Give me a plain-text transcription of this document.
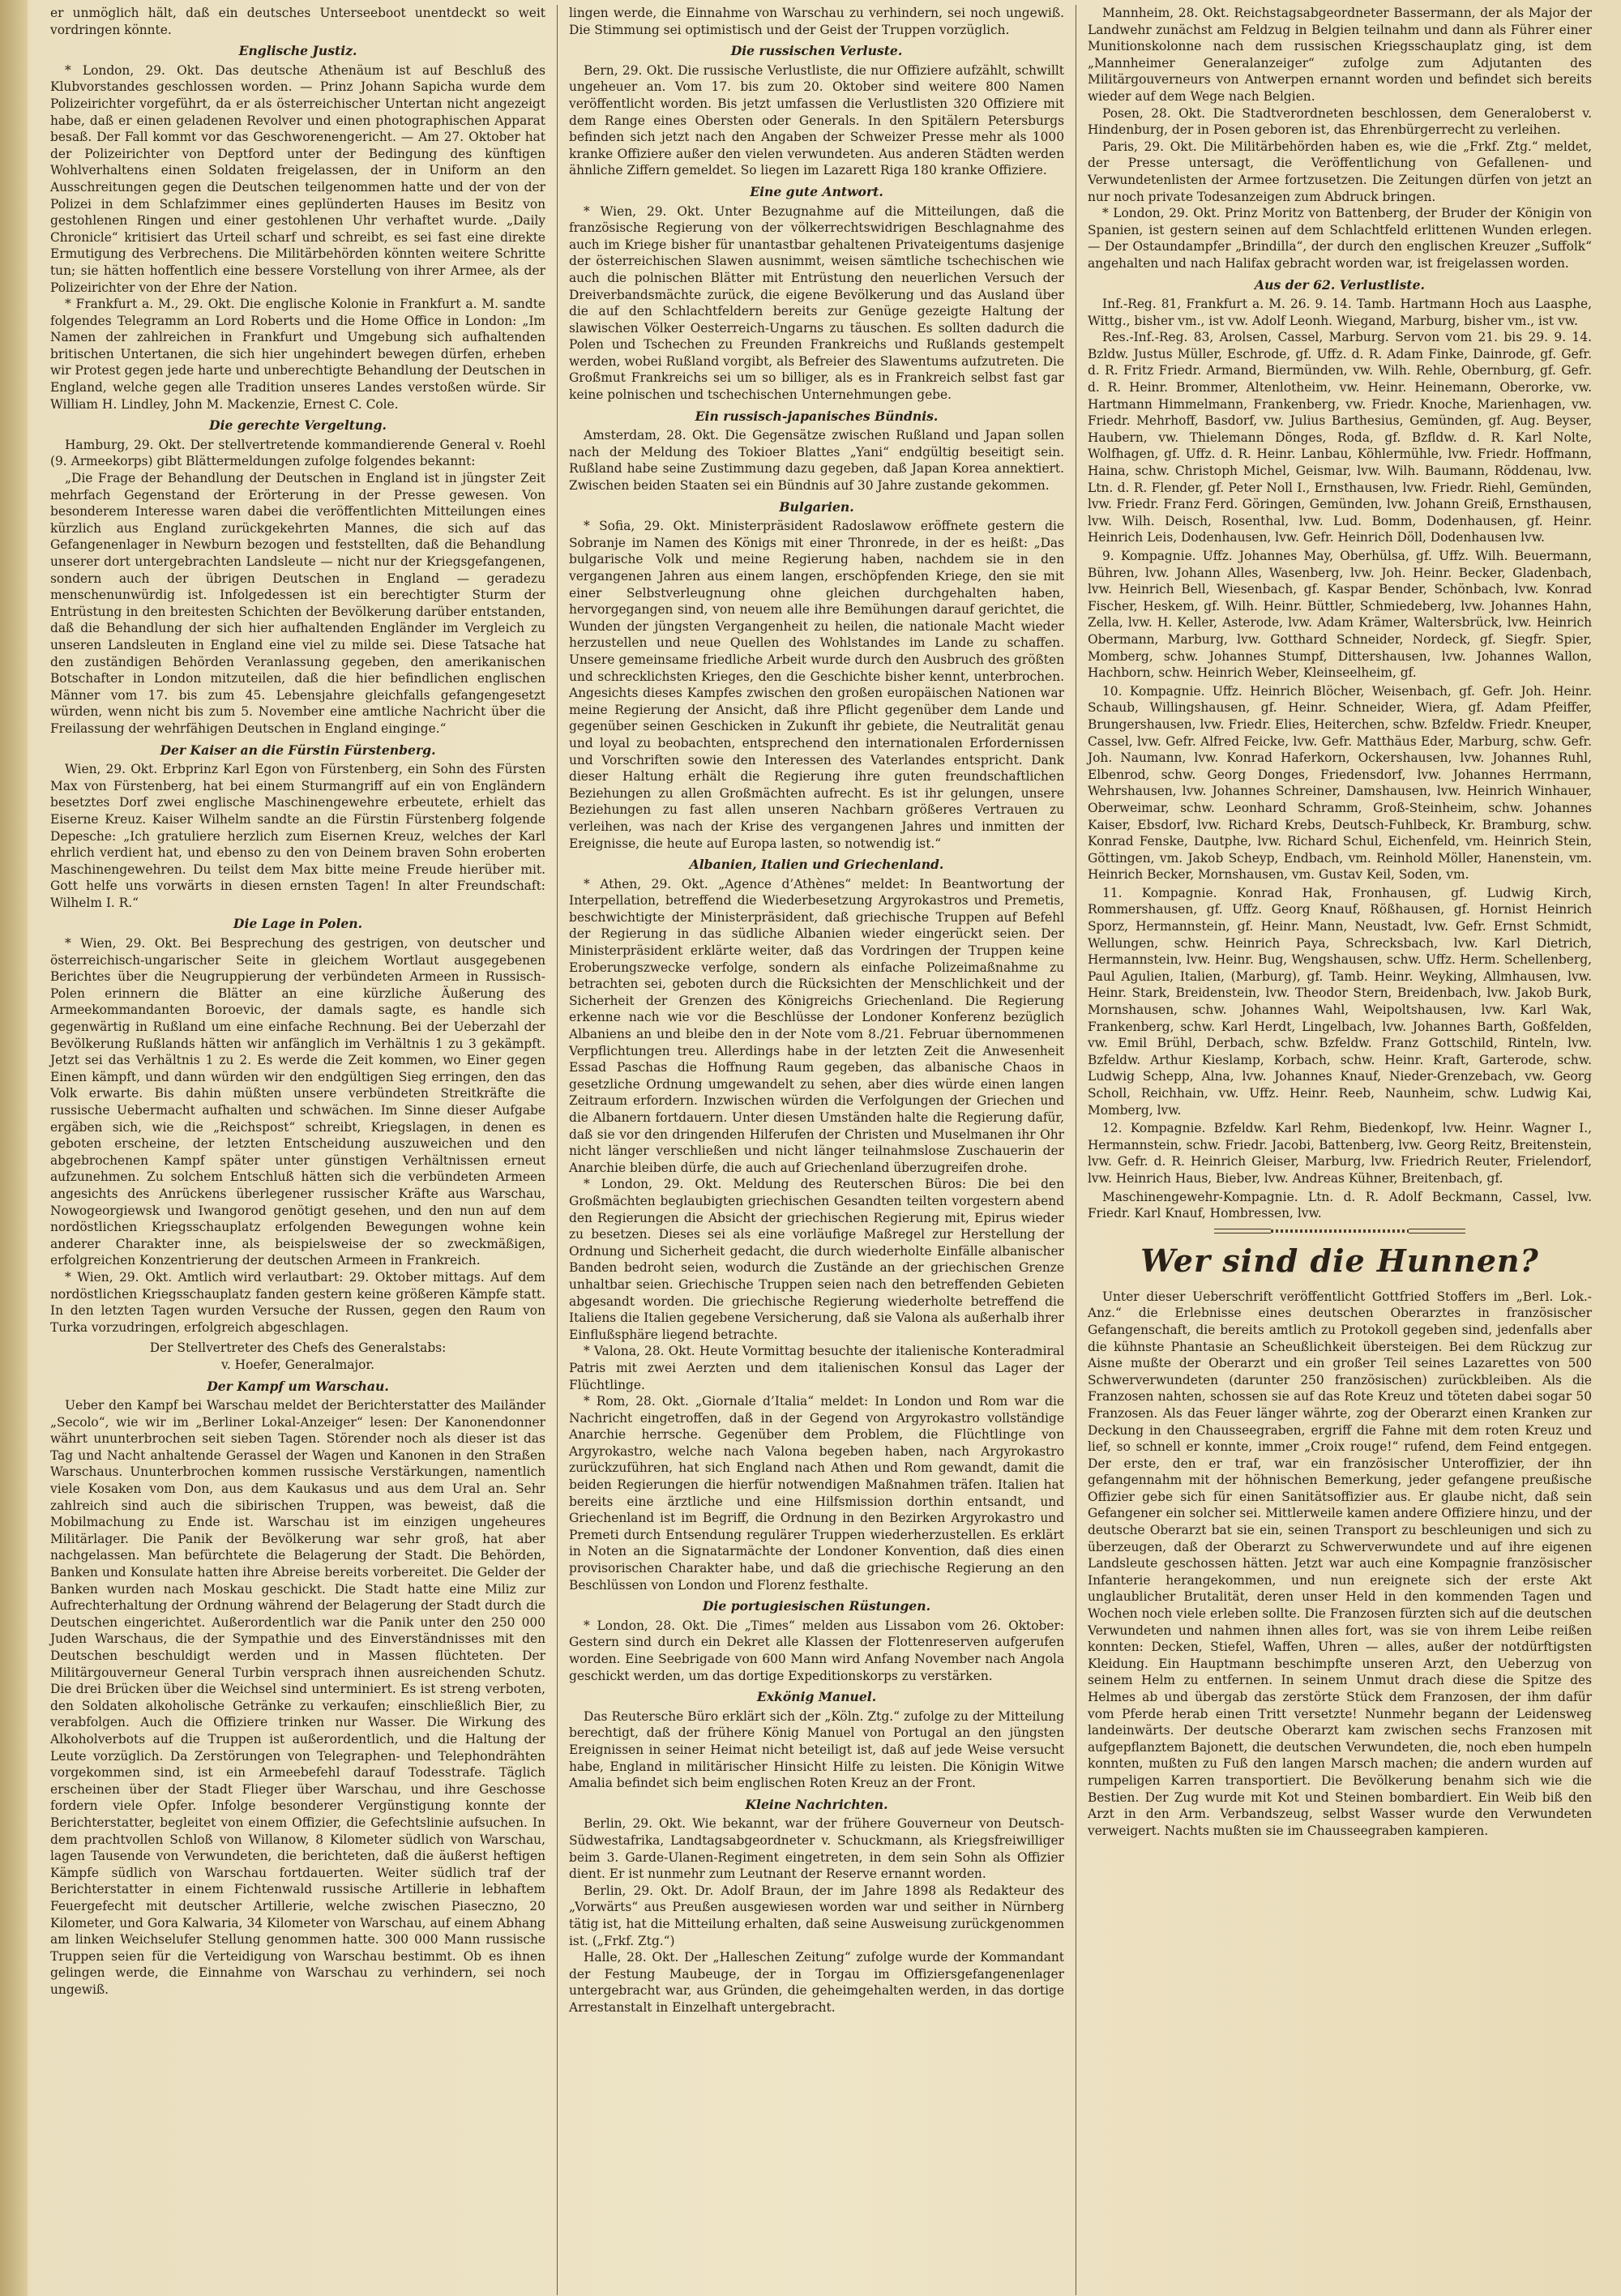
er unmöglich hält, daß ein deutsches Unterseeboot unentdeckt so weit vordringen könnte.

Englische Justiz.

* London, 29. Okt. Das deutsche Athenäum ist auf Beschluß des Klubvorstandes geschlossen worden. — Prinz Johann Sapicha wurde dem Polizeirichter vorgeführt, da er als österreichischer Untertan nicht angezeigt habe, daß er einen geladenen Revolver und einen photographischen Apparat besaß. Der Fall kommt vor das Geschworenengericht. — Am 27. Oktober hat der Polizeirichter von Deptford unter der Bedingung des künftigen Wohlverhaltens einen Soldaten freigelassen, der in Uniform an den Ausschreitungen gegen die Deutschen teilgenommen hatte und der von der Polizei in dem Schlafzimmer eines geplünderten Hauses im Besitz von gestohlenen Ringen und einer gestohlenen Uhr verhaftet wurde. „Daily Chronicle“ kritisiert das Urteil scharf und schreibt, es sei fast eine direkte Ermutigung des Verbrechens. Die Militärbehörden könnten weitere Schritte tun; sie hätten hoffentlich eine bessere Vorstellung von ihrer Armee, als der Polizeirichter von der Ehre der Nation.

* Frankfurt a. M., 29. Okt. Die englische Kolonie in Frankfurt a. M. sandte folgendes Telegramm an Lord Roberts und die Home Office in London: „Im Namen der zahlreichen in Frankfurt und Umgebung sich aufhaltenden britischen Untertanen, die sich hier ungehindert bewegen dürfen, erheben wir Protest gegen jede harte und unberechtigte Behandlung der Deutschen in England, welche gegen alle Tradition unseres Landes verstoßen würde. Sir William H. Lindley, John M. Mackenzie, Ernest C. Cole.

Die gerechte Vergeltung.

Hamburg, 29. Okt. Der stellvertretende kommandierende General v. Roehl (9. Armeekorps) gibt Blättermeldungen zufolge folgendes bekannt:

„Die Frage der Behandlung der Deutschen in England ist in jüngster Zeit mehrfach Gegenstand der Erörterung in der Presse gewesen. Von besonderem Interesse waren dabei die veröffentlichten Mitteilungen eines kürzlich aus England zurückgekehrten Mannes, die sich auf das Gefangenenlager in Newburn bezogen und feststellten, daß die Behandlung unserer dort untergebrachten Landsleute — nicht nur der Kriegsgefangenen, sondern auch der übrigen Deutschen in England — geradezu menschenunwürdig ist. Infolgedessen ist ein berechtigter Sturm der Entrüstung in den breitesten Schichten der Bevölkerung darüber entstanden, daß die Behandlung der sich hier aufhaltenden Engländer im Vergleich zu unseren Landsleuten in England eine viel zu milde sei. Diese Tatsache hat den zuständigen Behörden Veranlassung gegeben, den amerikanischen Botschafter in London mitzuteilen, daß die hier befindlichen englischen Männer vom 17. bis zum 45. Lebensjahre gleichfalls gefangengesetzt würden, wenn nicht bis zum 5. November eine amtliche Nachricht über die Freilassung der wehrfähigen Deutschen in England eingingе.“

Der Kaiser an die Fürstin Fürstenberg.

Wien, 29. Okt. Erbprinz Karl Egon von Fürstenberg, ein Sohn des Fürsten Max von Fürstenberg, hat bei einem Sturmangriff auf ein von Engländern besetztes Dorf zwei englische Maschinengewehre erbeutete, erhielt das Eiserne Kreuz. Kaiser Wilhelm sandte an die Fürstin Fürstenberg folgende Depesche: „Ich gratuliere herzlich zum Eisernen Kreuz, welches der Karl ehrlich verdient hat, und ebenso zu den von Deinem braven Sohn eroberten Maschinengewehren. Du teilst dem Max bitte meine Freude hierüber mit. Gott helfe uns vorwärts in diesen ernsten Tagen! In alter Freundschaft: Wilhelm I. R.“

Die Lage in Polen.

* Wien, 29. Okt. Bei Besprechung des gestrigen, von deutscher und österreichisch-ungarischer Seite in gleichem Wortlaut ausgegebenen Berichtes über die Neugruppierung der verbündeten Armeen in Russisch-Polen erinnern die Blätter an eine kürzliche Äußerung des Armeekommandanten Boroevic, der damals sagte, es handle sich gegenwärtig in Rußland um eine einfache Rechnung. Bei der Ueberzahl der Bevölkerung Rußlands hätten wir anfänglich im Verhältnis 1 zu 3 gekämpft. Jetzt sei das Verhältnis 1 zu 2. Es werde die Zeit kommen, wo Einer gegen Einen kämpft, und dann würden wir den endgültigen Sieg erringen, den das Volk erwarte. Bis dahin müßten unsere verbündeten Streitkräfte die russische Uebermacht aufhalten und schwächen. Im Sinne dieser Aufgabe ergäben sich, wie die „Reichspost“ schreibt, Kriegslagen, in denen es geboten erscheine, der letzten Entscheidung auszuweichen und den abgebrochenen Kampf später unter günstigen Verhältnissen erneut aufzunehmen. Zu solchem Entschluß hätten sich die verbündeten Armeen angesichts des Anrückens überlegener russischer Kräfte aus Warschau, Nowogeorgiewsk und Iwangorod genötigt gesehen, und den nun auf dem nordöstlichen Kriegsschauplatz erfolgenden Bewegungen wohne kein anderer Charakter inne, als beispielsweise der so zweckmäßigen, erfolgreichen Konzentrierung der deutschen Armeen in Frankreich.

* Wien, 29. Okt. Amtlich wird verlautbart: 29. Oktober mittags. Auf dem nordöstlichen Kriegsschauplatz fanden gestern keine größeren Kämpfe statt. In den letzten Tagen wurden Versuche der Russen, gegen den Raum von Turka vorzudringen, erfolgreich abgeschlagen.

Der Stellvertreter des Chefs des Generalstabs:
v. Hoefer, Generalmajor.
Der Kampf um Warschau.

Ueber den Kampf bei Warschau meldet der Berichterstatter des Mailänder „Secolo“, wie wir im „Berliner Lokal-Anzeiger“ lesen: Der Kanonendonner währt ununterbrochen seit sieben Tagen. Störender noch als dieser ist das Tag und Nacht anhaltende Gerassel der Wagen und Kanonen in den Straßen Warschaus. Ununterbrochen kommen russische Verstärkungen, namentlich viele Kosaken vom Don, aus dem Kaukasus und aus dem Ural an. Sehr zahlreich sind auch die sibirischen Truppen, was beweist, daß die Mobilmachung zu Ende ist. Warschau ist im einzigen ungeheures Militärlager. Die Panik der Bevölkerung war sehr groß, hat aber nachgelassen. Man befürchtete die Belagerung der Stadt. Die Behörden, Banken und Konsulate hatten ihre Abreise bereits vorbereitet. Die Gelder der Banken wurden nach Moskau geschickt. Die Stadt hatte eine Miliz zur Aufrechterhaltung der Ordnung während der Belagerung der Stadt durch die Deutschen eingerichtet. Außerordentlich war die Panik unter den 250 000 Juden Warschaus, die der Sympathie und des Einverständnisses mit den Deutschen beschuldigt werden und in Massen flüchteten. Der Militärgouverneur General Turbin versprach ihnen ausreichenden Schutz. Die drei Brücken über die Weichsel sind unterminiert. Es ist streng verboten, den Soldaten alkoholische Getränke zu verkaufen; einschließlich Bier, zu verabfolgen. Auch die Offiziere trinken nur Wasser. Die Wirkung des Alkoholverbots auf die Truppen ist außerordentlich, und die Haltung der Leute vorzüglich. Da Zerstörungen von Telegraphen- und Telephondrähten vorgekommen sind, ist ein Armeebefehl darauf Todesstrafe. Täglich erscheinen über der Stadt Flieger über Warschau, und ihre Geschosse fordern viele Opfer. Infolge besonderer Vergünstigung konnte der Berichterstatter, begleitet von einem Offizier, die Gefechtslinie aufsuchen. In dem prachtvollen Schloß von Willanow, 8 Kilometer südlich von Warschau, lagen Tausende von Verwundeten, die berichteten, daß die äußerst heftigen Kämpfe südlich von Warschau fortdauerten. Weiter südlich traf der Berichterstatter in einem Fichtenwald russische Artillerie in lebhaftem Feuergefecht mit deutscher Artillerie, welche zwischen Piaseczno, 20 Kilometer, und Gora Kalwaria, 34 Kilometer von Warschau, auf einem Abhang am linken Weichselufer Stellung genommen hatte. 300 000 Mann russische Truppen seien für die Verteidigung von Warschau bestimmt. Ob es ihnen gelingen werde, die Einnahme von Warschau zu verhindern, sei noch ungewiß.

lingen werde, die Einnahme von Warschau zu verhindern, sei noch ungewiß. Die Stimmung sei optimistisch und der Geist der Truppen vorzüglich.

Die russischen Verluste.

Bern, 29. Okt. Die russische Verlustliste, die nur Offiziere aufzählt, schwillt ungeheuer an. Vom 17. bis zum 20. Oktober sind weitere 800 Namen veröffentlicht worden. Bis jetzt umfassen die Verlustlisten 320 Offiziere mit dem Range eines Obersten oder Generals. In den Spitälern Petersburgs befinden sich jetzt nach den Angaben der Schweizer Presse mehr als 1000 kranke Offiziere außer den vielen verwundeten. Aus anderen Städten werden ähnliche Ziffern gemeldet. So liegen im Lazarett Riga 180 kranke Offiziere.

Eine gute Antwort.

* Wien, 29. Okt. Unter Bezugnahme auf die Mitteilungen, daß die französische Regierung von der völkerrechtswidrigen Beschlagnahme des auch im Kriege bisher für unantastbar gehaltenen Privateigentums dasjenige der österreichischen Slawen ausnimmt, weisen sämtliche tschechischen wie auch die polnischen Blätter mit Entrüstung den neuerlichen Versuch der Dreiverbandsmächte zurück, die eigene Bevölkerung und das Ausland über die auf den Schlachtfeldern bereits zur Genüge gezeigte Haltung der slawischen Völker Oesterreich-Ungarns zu täuschen. Es sollten dadurch die Polen und Tschechen zu Freunden Frankreichs und Rußlands gestempelt werden, wobei Rußland vorgibt, als Befreier des Slawentums aufzutreten. Die Großmut Frankreichs sei um so billiger, als es in Frankreich selbst fast gar keine polnischen und tschechischen Unternehmungen gebe.

Ein russisch-japanisches Bündnis.

Amsterdam, 28. Okt. Die Gegensätze zwischen Rußland und Japan sollen nach der Meldung des Tokioer Blattes „Yani“ endgültig beseitigt sein. Rußland habe seine Zustimmung dazu gegeben, daß Japan Korea annektiert. Zwischen beiden Staaten sei ein Bündnis auf 30 Jahre zustande gekommen.

Bulgarien.

* Sofia, 29. Okt. Ministerpräsident Radoslawow eröffnete gestern die Sobranje im Namen des Königs mit einer Thronrede, in der es heißt: „Das bulgarische Volk und meine Regierung haben, nachdem sie in den vergangenen Jahren aus einem langen, erschöpfenden Kriege, den sie mit einer Selbstverleugnung ohne gleichen durchgehalten haben, hervorgegangen sind, von neuem alle ihre Bemühungen darauf gerichtet, die Wunden der jüngsten Vergangenheit zu heilen, die nationale Macht wieder herzustellen und neue Quellen des Wohlstandes im Lande zu schaffen. Unsere gemeinsame friedliche Arbeit wurde durch den Ausbruch des größten und schrecklichsten Krieges, den die Geschichte bisher kennt, unterbrochen. Angesichts dieses Kampfes zwischen den großen europäischen Nationen war meine Regierung der Ansicht, daß ihre Pflicht gegenüber dem Lande und gegenüber seinen Geschicken in Zukunft ihr gebiete, die Neutralität genau und loyal zu beobachten, entsprechend den internationalen Erfordernissen und Vorschriften sowie den Interessen des Vaterlandes entspricht. Dank dieser Haltung erhält die Regierung ihre guten freundschaftlichen Beziehungen zu allen Großmächten aufrecht. Es ist ihr gelungen, unsere Beziehungen zu fast allen unseren Nachbarn größeres Vertrauen zu verleihen, was nach der Krise des vergangenen Jahres und inmitten der Ereignisse, die heute auf Europa lasten, so notwendig ist.“

Albanien, Italien und Griechenland.

* Athen, 29. Okt. „Agence d’Athènes“ meldet: In Beantwortung der Interpellation, betreffend die Wiederbesetzung Argyrokastros und Premetis, beschwichtigte der Ministerpräsident, daß griechische Truppen auf Befehl der Regierung in das südliche Albanien wieder eingerückt seien. Der Ministerpräsident erklärte weiter, daß das Vordringen der Truppen keine Eroberungszwecke verfolge, sondern als einfache Polizeimaßnahme zu betrachten sei, geboten durch die Rücksichten der Menschlichkeit und der Sicherheit der Grenzen des Königreichs Griechenland. Die Regierung erkenne nach wie vor die Beschlüsse der Londoner Konferenz bezüglich Albaniens an und bleibe den in der Note vom 8./21. Februar übernommenen Verpflichtungen treu. Allerdings habe in der letzten Zeit die Anwesenheit Essad Paschas die Hoffnung Raum gegeben, das albanische Chaos in gesetzliche Ordnung umgewandelt zu sehen, aber dies würde einen langen Zeitraum erfordern. Inzwischen würden die Verfolgungen der Griechen und die Albanern fortdauern. Unter diesen Umständen halte die Regierung dafür, daß sie vor den dringenden Hilferufen der Christen und Muselmanen ihr Ohr nicht länger verschließen und nicht länger teilnahmslose Zuschauerin der Anarchie bleiben dürfe, die auch auf Griechenland überzugreifen drohe.

* London, 29. Okt. Meldung des Reuterschen Büros: Die bei den Großmächten beglaubigten griechischen Gesandten teilten vorgestern abend den Regierungen die Absicht der griechischen Regierung mit, Epirus wieder zu besetzen. Dieses sei als eine vorläufige Maßregel zur Herstellung der Ordnung und Sicherheit gedacht, die durch wiederholte Einfälle albanischer Banden bedroht seien, wodurch die Zustände an der griechischen Grenze unhaltbar seien. Griechische Truppen seien nach den betreffenden Gebieten abgesandt worden. Die griechische Regierung wiederholte betreffend die Italiens die Italien gegebene Versicherung, daß sie Valona als außerhalb ihrer Einflußsphäre liegend betrachte.

* Valona, 28. Okt. Heute Vormittag besuchte der italienische Konteradmiral Patris mit zwei Aerzten und dem italienischen Konsul das Lager der Flüchtlinge.

* Rom, 28. Okt. „Giornale d’Italia“ meldet: In London und Rom war die Nachricht eingetroffen, daß in der Gegend von Argyrokastro vollständige Anarchie herrsche. Gegenüber dem Problem, die Flüchtlinge von Argyrokastro, welche nach Valona begeben haben, nach Argyrokastro zurückzuführen, hat sich England nach Athen und Rom gewandt, damit die beiden Regierungen die hierfür notwendigen Maßnahmen träfen. Italien hat bereits eine ärztliche und eine Hilfsmission dorthin entsandt, und Griechenland ist im Begriff, die Ordnung in den Bezirken Argyrokastro und Premeti durch Entsendung regulärer Truppen wiederherzustellen. Es erklärt in Noten an die Signatarmächte der Londoner Konvention, daß dies einen provisorischen Charakter habe, und daß die griechische Regierung an den Beschlüssen von London und Florenz festhalte.

Die portugiesischen Rüstungen.

* London, 28. Okt. Die „Times“ melden aus Lissabon vom 26. Oktober: Gestern sind durch ein Dekret alle Klassen der Flottenreserven aufgerufen worden. Eine Seebrigade von 600 Mann wird Anfang November nach Angola geschickt werden, um das dortige Expeditionskorps zu verstärken.

Exkönig Manuel.

Das Reutersche Büro erklärt sich der „Köln. Ztg.“ zufolge zu der Mitteilung berechtigt, daß der frühere König Manuel von Portugal an den jüngsten Ereignissen in seiner Heimat nicht beteiligt ist, daß auf jede Weise versucht habe, England in militärischer Hinsicht Hilfe zu leisten. Die Königin Witwe Amalia befindet sich beim englischen Roten Kreuz an der Front.

Kleine Nachrichten.

Berlin, 29. Okt. Wie bekannt, war der frühere Gouverneur von Deutsch-Südwestafrika, Landtagsabgeordneter v. Schuckmann, als Kriegsfreiwilliger beim 3. Garde-Ulanen-Regiment eingetreten, in dem sein Sohn als Offizier dient. Er ist nunmehr zum Leutnant der Reserve ernannt worden.

Berlin, 29. Okt. Dr. Adolf Braun, der im Jahre 1898 als Redakteur des „Vorwärts“ aus Preußen ausgewiesen worden war und seither in Nürnberg tätig ist, hat die Mitteilung erhalten, daß seine Ausweisung zurückgenommen ist. („Frkf. Ztg.“)

Halle, 28. Okt. Der „Halleschen Zeitung“ zufolge wurde der Kommandant der Festung Maubeuge, der in Torgau im Offiziersgefangenenlager untergebracht war, aus Gründen, die geheimgehalten werden, in das dortige Arrestanstalt in Einzelhaft untergebracht.

Mannheim, 28. Okt. Reichstagsabgeordneter Bassermann, der als Major der Landwehr zunächst am Feldzug in Belgien teilnahm und dann als Führer einer Munitionskolonne nach dem russischen Kriegsschauplatz ging, ist dem „Mannheimer Generalanzeiger“ zufolge zum Adjutanten des Militärgouverneurs von Antwerpen ernannt worden und befindet sich bereits wieder auf dem Wege nach Belgien.

Posen, 28. Okt. Die Stadtverordneten beschlossen, dem Generaloberst v. Hindenburg, der in Posen geboren ist, das Ehrenbürgerrecht zu verleihen.

Paris, 29. Okt. Die Militärbehörden haben es, wie die „Frkf. Ztg.“ meldet, der Presse untersagt, die Veröffentlichung von Gefallenen- und Verwundetenlisten der Armee fortzusetzen. Die Zeitungen dürfen von jetzt an nur noch private Todesanzeigen zum Abdruck bringen.

* London, 29. Okt. Prinz Moritz von Battenberg, der Bruder der Königin von Spanien, ist gestern seinen auf dem Schlachtfeld erlittenen Wunden erlegen. — Der Ostaundampfer „Brindilla“, der durch den englischen Kreuzer „Suffolk“ angehalten und nach Halifax gebracht worden war, ist freigelassen worden.

Aus der 62. Verlustliste.

Inf.-Reg. 81, Frankfurt a. M. 26. 9. 14. Tamb. Hartmann Hoch aus Laasphe, Wittg., bisher vm., ist vw. Adolf Leonh. Wiegand, Marburg, bisher vm., ist vw.

Res.-Inf.-Reg. 83, Arolsen, Cassel, Marburg. Servon vom 21. bis 29. 9. 14. Bzldw. Justus Müller, Eschrode, gf. Uffz. d. R. Adam Finke, Dainrode, gf. Gefr. d. R. Fritz Friedr. Armand, Biermünden, vw. Wilh. Rehle, Obernburg, gf. Gefr. d. R. Heinr. Brommer, Altenlotheim, vw. Heinr. Heinemann, Oberorke, vw. Hartmann Himmelmann, Frankenberg, vw. Friedr. Knoche, Marienhagen, vw. Friedr. Mehrhoff, Basdorf, vw. Julius Barthesius, Gemünden, gf. Aug. Beyser, Haubern, vw. Thielemann Dönges, Roda, gf. Bzfldw. d. R. Karl Nolte, Wolfhagen, gf. Uffz. d. R. Heinr. Lanbau, Köhlermühle, lvw. Friedr. Hoffmann, Haina, schw. Christoph Michel, Geismar, lvw. Wilh. Baumann, Röddenau, lvw. Ltn. d. R. Flender, gf. Peter Noll I., Ernsthausen, lvw. Friedr. Riehl, Gemünden, lvw. Friedr. Franz Ferd. Göringen, Gemünden, lvw. Johann Greiß, Ernsthausen, lvw. Wilh. Deisch, Rosenthal, lvw. Lud. Bomm, Dodenhausen, gf. Heinr. Heinrich Leis, Dodenhausen, lvw. Gefr. Heinrich Döll, Dodenhausen lvw.

9. Kompagnie. Uffz. Johannes May, Oberhülsa, gf. Uffz. Wilh. Beuermann, Bühren, lvw. Johann Alles, Wasenberg, lvw. Joh. Heinr. Becker, Gladenbach, lvw. Heinrich Bell, Wiesenbach, gf. Kaspar Bender, Schönbach, lvw. Konrad Fischer, Heskem, gf. Wilh. Heinr. Büttler, Schmiedeberg, lvw. Johannes Hahn, Zella, lvw. H. Keller, Asterode, lvw. Adam Krämer, Waltersbrück, lvw. Heinrich Obermann, Marburg, lvw. Gotthard Schneider, Nordeck, gf. Siegfr. Spier, Momberg, schw. Johannes Stumpf, Dittershausen, lvw. Johannes Wallon, Hachborn, schw. Heinrich Weber, Kleinseelheim, gf.

10. Kompagnie. Uffz. Heinrich Blöcher, Weisenbach, gf. Gefr. Joh. Heinr. Schaub, Willingshausen, gf. Heinr. Schneider, Wiera, gf. Adam Pfeiffer, Brungershausen, lvw. Friedr. Elies, Heiterchen, schw. Bzfeldw. Friedr. Kneuper, Cassel, lvw. Gefr. Alfred Feicke, lvw. Gefr. Matthäus Eder, Marburg, schw. Gefr. Joh. Naumann, lvw. Konrad Haferkorn, Ockershausen, lvw. Johannes Ruhl, Elbenrod, schw. Georg Donges, Friedensdorf, lvw. Johannes Herrmann, Wehrshausen, lvw. Johannes Schreiner, Damshausen, lvw. Heinrich Winhauer, Oberweimar, schw. Leonhard Schramm, Groß-Steinheim, schw. Johannes Kaiser, Ebsdorf, lvw. Richard Krebs, Deutsch-Fuhlbeck, Kr. Bramburg, schw. Konrad Fenske, Dautphe, lvw. Richard Schul, Eichenfeld, vm. Heinrich Stein, Göttingen, vm. Jakob Scheyp, Endbach, vm. Reinhold Möller, Hanenstein, vm. Heinrich Becker, Mornshausen, vm. Gustav Keil, Soden, vm.

11. Kompagnie. Konrad Hak, Fronhausen, gf. Ludwig Kirch, Rommershausen, gf. Uffz. Georg Knauf, Rößhausen, gf. Hornist Heinrich Sporz, Hermannstein, gf. Heinr. Mann, Neustadt, lvw. Gefr. Ernst Schmidt, Wellungen, schw. Heinrich Paya, Schrecksbach, lvw. Karl Dietrich, Hermannstein, lvw. Heinr. Bug, Wengshausen, schw. Uffz. Herm. Schellenberg, Paul Agulien, Italien, (Marburg), gf. Tamb. Heinr. Weyking, Allmhausen, lvw. Heinr. Stark, Breidenstein, lvw. Theodor Stern, Breidenbach, lvw. Jakob Burk, Mornshausen, schw. Johannes Wahl, Weipoltshausen, lvw. Karl Wak, Frankenberg, schw. Karl Herdt, Lingelbach, lvw. Johannes Barth, Goßfelden, vw. Emil Brühl, Derbach, schw. Bzfeldw. Franz Gottschild, Rinteln, lvw. Bzfeldw. Arthur Kieslamp, Korbach, schw. Heinr. Kraft, Garterode, schw. Ludwig Schepp, Alna, lvw. Johannes Knauf, Nieder-Grenzebach, vw. Georg Scholl, Reichhain, vw. Uffz. Heinr. Reeb, Naunheim, schw. Ludwig Kai, Momberg, lvw.

12. Kompagnie. Bzfeldw. Karl Rehm, Biedenkopf, lvw. Heinr. Wagner I., Hermannstein, schw. Friedr. Jacobi, Battenberg, lvw. Georg Reitz, Breitenstein, lvw. Gefr. d. R. Heinrich Gleiser, Marburg, lvw. Friedrich Reuter, Frielendorf, lvw. Heinrich Haus, Bieber, lvw. Andreas Kühner, Breitenbach, gf.

Maschinengewehr-Kompagnie. Ltn. d. R. Adolf Beckmann, Cassel, lvw. Friedr. Karl Knauf, Hombressen, lvw.

Wer sind die Hunnen?

Unter dieser Ueberschrift veröffentlicht Gottfried Stoffers im „Berl. Lok.-Anz.“ die Erlebnisse eines deutschen Oberarztes in französischer Gefangenschaft, die bereits amtlich zu Protokoll gegeben sind, jedenfalls aber die kühnste Phantasie an Scheußlichkeit übersteigen. Bei dem Rückzug zur Aisne mußte der Oberarzt und ein großer Teil seines Lazarettes von 500 Schwerverwundeten (darunter 250 französischen) zurückbleiben. Als die Franzosen nahten, schossen sie auf das Rote Kreuz und töteten dabei sogar 50 Franzosen. Als das Feuer länger währte, zog der Oberarzt einen Kranken zur Deckung in den Chausseegraben, ergriff die Fahne mit dem roten Kreuz und lief, so schnell er konnte, immer „Croix rouge!“ rufend, dem Feind entgegen. Der erste, den er traf, war ein französischer Unteroffizier, der ihn gefangennahm mit der höhnischen Bemerkung, jeder gefangene preußische Offizier gebe sich für einen Sanitätsoffizier aus. Er glaube nicht, daß sein Gefangener ein solcher sei. Mittlerweile kamen andere Offiziere hinzu, und der deutsche Oberarzt bat sie ein, seinen Transport zu beschleunigen und sich zu überzeugen, daß der Oberarzt zu Schwerverwundete und auf ihre eigenen Landsleute geschossen hätten. Jetzt war auch eine Kompagnie französischer Infanterie herangekommen, und nun ereignete sich der erste Akt unglaublicher Brutalität, deren unser Held in den kommenden Tagen und Wochen noch viele erleben sollte. Die Franzosen fürzten sich auf die deutschen Verwundeten und nahmen ihnen alles fort, was sie von ihrem Leibe reißen konnten: Decken, Stiefel, Waffen, Uhren — alles, außer der notdürftigsten Kleidung. Ein Hauptmann beschimpfte unseren Arzt, den Ueberzug von seinem Helm zu entfernen. In seinem Unmut drach diese die Spitze des Helmes ab und übergab das zerstörte Stück dem Franzosen, der ihm dafür vom Pferde herab einen Tritt versetzte! Nunmehr begann der Leidensweg landeinwärts. Der deutsche Oberarzt kam zwischen sechs Franzosen mit aufgepflanztem Bajonett, die deutschen Verwundeten, die, noch eben humpeln konnten, mußten zu Fuß den langen Marsch machen; die andern wurden auf rumpeligen Karren transportiert. Die Bevölkerung benahm sich wie die Bestien. Der Zug wurde mit Kot und Steinen bombardiert. Ein Weib biß den Arzt in den Arm. Verbandszeug, selbst Wasser wurde den Verwundeten verweigert. Nachts mußten sie im Chausseegraben kampieren.
